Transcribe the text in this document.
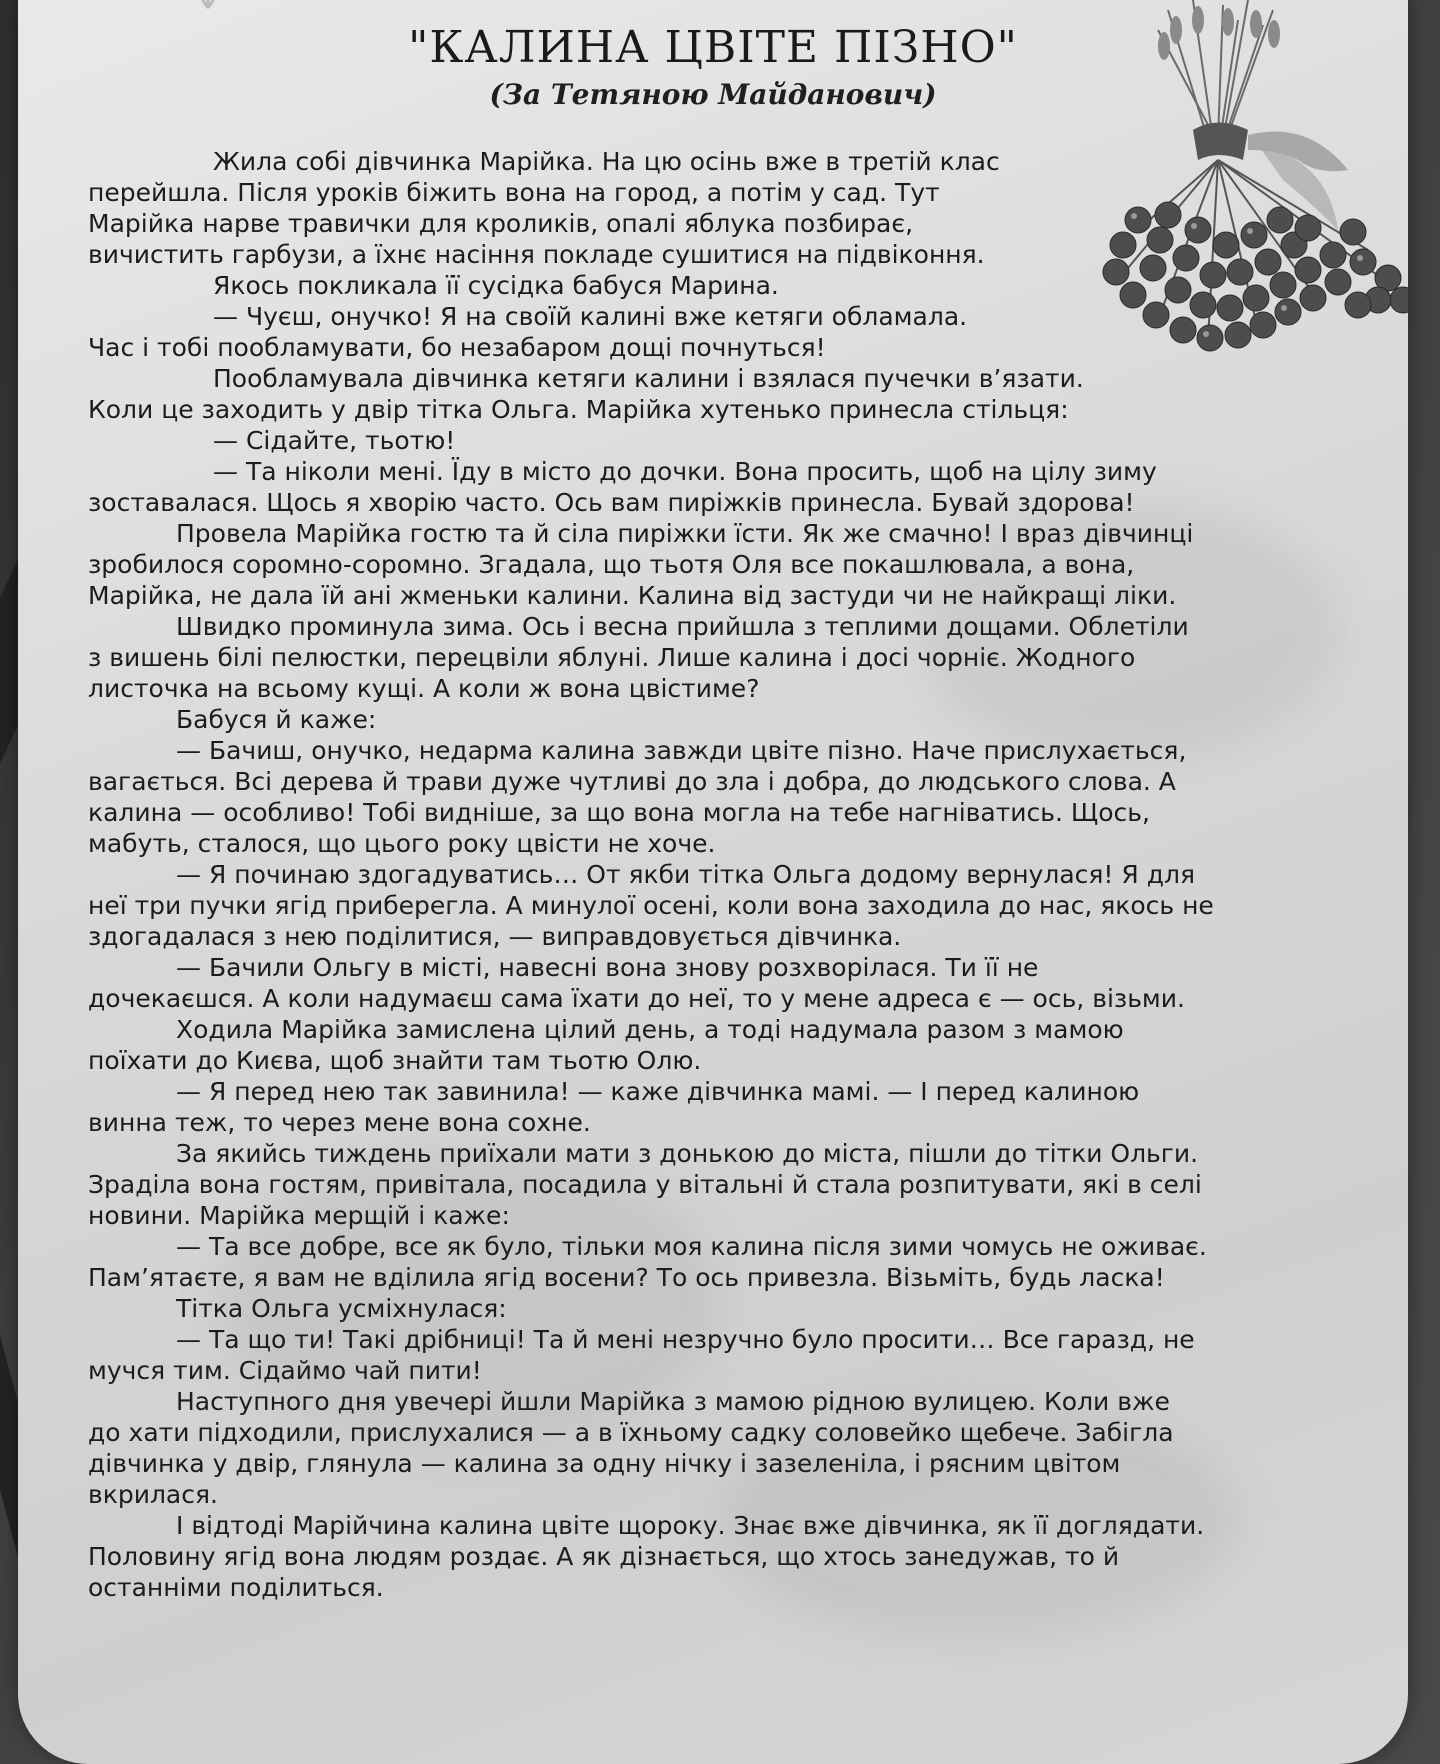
"КАЛИНА ЦВІТЕ ПІЗНО"
(За Тетяною Майданович)
Жила собі дівчинка Марійка. На цю осінь вже в третій клас
перейшла. Після уроків біжить вона на город, а потім у сад. Тут
Марійка нарве травички для кроликів, опалі яблука позбирає,
вичистить гарбузи, а їхнє насіння покладе сушитися на підвіконня.
Якось покликала її сусідка бабуся Марина.
— Чуєш, онучко! Я на своїй калині вже кетяги обламала.
Час і тобі пообламувати, бо незабаром дощі почнуться!
Пообламувала дівчинка кетяги калини і взялася пучечки в’язати.
Коли це заходить у двір тітка Ольга. Марійка хутенько принесла стільця:
— Сідайте, тьотю!
— Та ніколи мені. Їду в місто до дочки. Вона просить, щоб на цілу зиму
зоставалася. Щось я хворію часто. Ось вам пиріжків принесла. Бувай здорова!
Провела Марійка гостю та й сіла пиріжки їсти. Як же смачно! І враз дівчинці
зробилося соромно-соромно. Згадала, що тьотя Оля все покашлювала, а вона,
Марійка, не дала їй ані жменьки калини. Калина від застуди чи не найкращі ліки.
Швидко проминула зима. Ось і весна прийшла з теплими дощами. Облетіли
з вишень білі пелюстки, перецвіли яблуні. Лише калина і досі чорніє. Жодного
листочка на всьому кущі. А коли ж вона цвістиме?
Бабуся й каже:
— Бачиш, онучко, недарма калина завжди цвіте пізно. Наче прислухається,
вагається. Всі дерева й трави дуже чутливі до зла і добра, до людського слова. А
калина — особливо! Тобі видніше, за що вона могла на тебе нагніватись. Щось,
мабуть, сталося, що цього року цвісти не хоче.
— Я починаю здогадуватись… От якби тітка Ольга додому вернулася! Я для
неї три пучки ягід приберегла. А минулої осені, коли вона заходила до нас, якось не
здогадалася з нею поділитися, — виправдовується дівчинка.
— Бачили Ольгу в місті, навесні вона знову розхворілася. Ти її не
дочекаєшся. А коли надумаєш сама їхати до неї, то у мене адреса є — ось, візьми.
Ходила Марійка замислена цілий день, а тоді надумала разом з мамою
поїхати до Києва, щоб знайти там тьотю Олю.
— Я перед нею так завинила! — каже дівчинка мамі. — І перед калиною
винна теж, то через мене вона сохне.
За якийсь тиждень приїхали мати з донькою до міста, пішли до тітки Ольги.
Зраділа вона гостям, привітала, посадила у вітальні й стала розпитувати, які в селі
новини. Марійка мерщій і каже:
— Та все добре, все як було, тільки моя калина після зими чомусь не оживає.
Пам’ятаєте, я вам не вділила ягід восени? То ось привезла. Візьміть, будь ласка!
Тітка Ольга усміхнулася:
— Та що ти! Такі дрібниці! Та й мені незручно було просити… Все гаразд, не
мучся тим. Сідаймо чай пити!
Наступного дня увечері йшли Марійка з мамою рідною вулицею. Коли вже
до хати підходили, прислухалися — а в їхньому садку соловейко щебече. Забігла
дівчинка у двір, глянула — калина за одну нічку і зазеленіла, і рясним цвітом
вкрилася.
І відтоді Марійчина калина цвіте щороку. Знає вже дівчинка, як її доглядати.
Половину ягід вона людям роздає. А як дізнається, що хтось занедужав, то й
останніми поділиться.
